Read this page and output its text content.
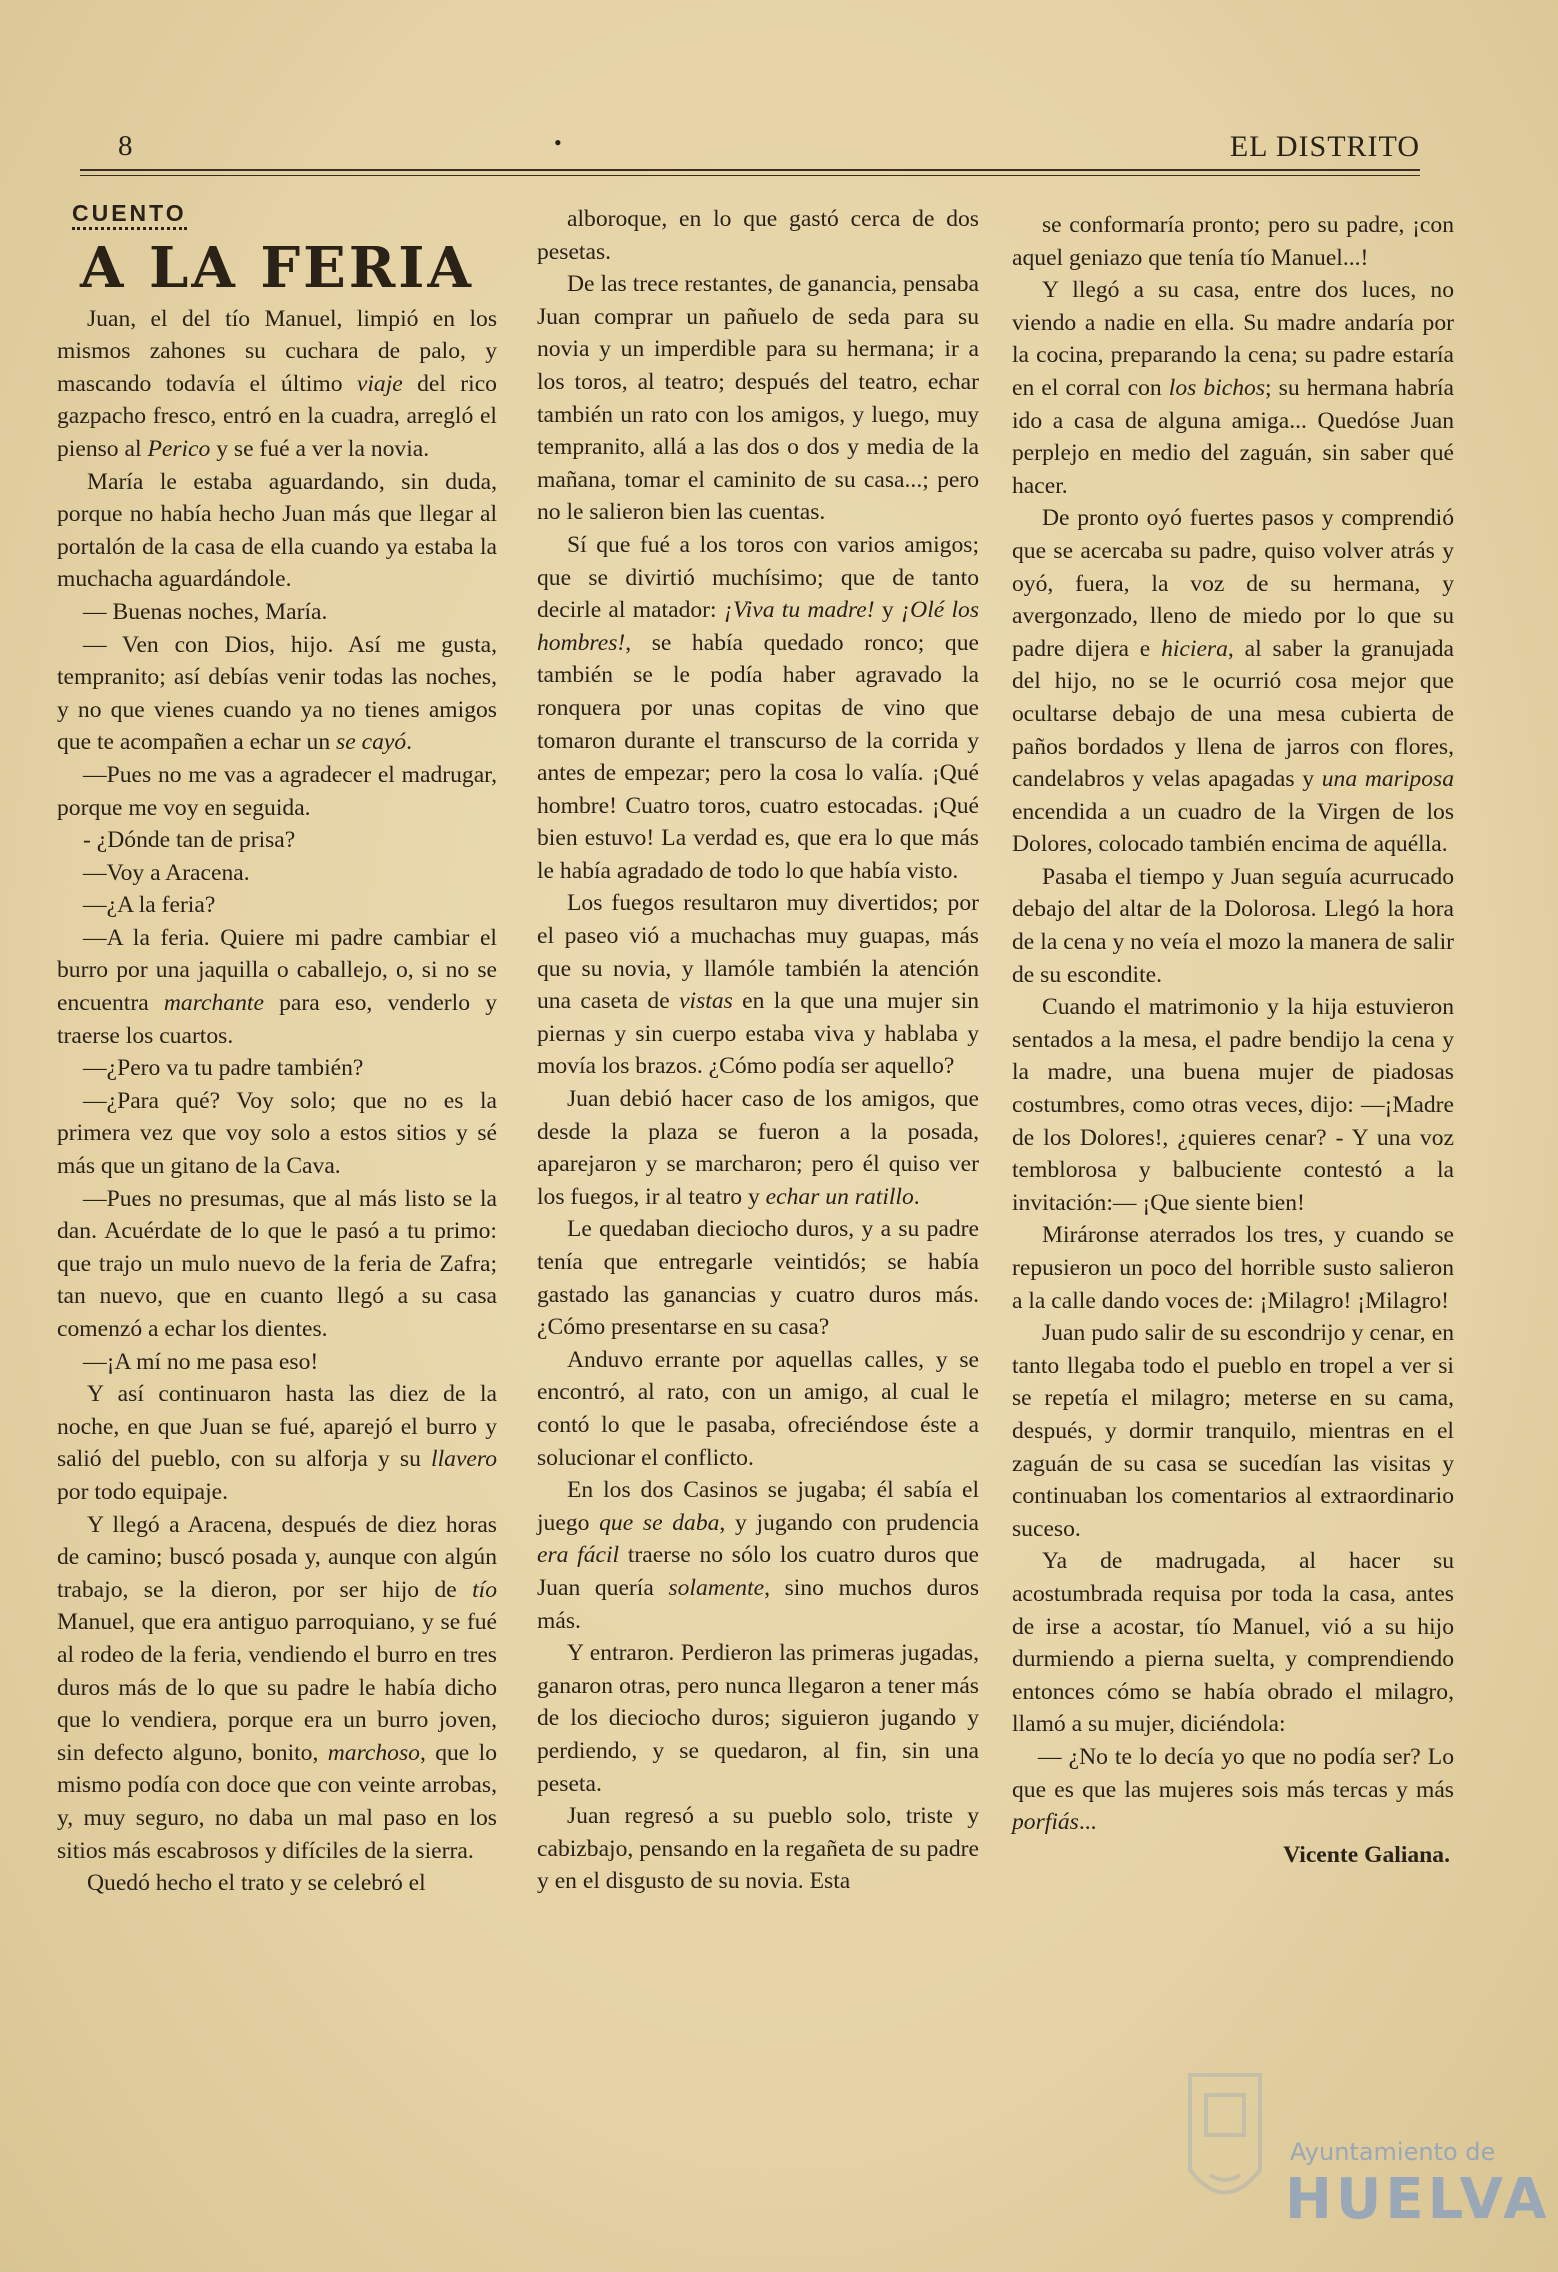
8	•	EL DISTRITO
CUENTO
A LA FERIA

Juan, el del tío Manuel, limpió en los mismos zahones su cuchara de palo, y mascando todavía el último viaje del rico gazpacho fresco, entró en la cuadra, arregló el pienso al Perico y se fué a ver la novia.

María le estaba aguardando, sin duda, porque no había hecho Juan más que llegar al portalón de la casa de ella cuando ya estaba la muchacha aguardándole.

— Buenas noches, María.

— Ven con Dios, hijo. Así me gusta, tempranito; así debías venir todas las noches, y no que vienes cuando ya no tienes amigos que te acompañen a echar un se cayó.

—Pues no me vas a agradecer el madrugar, porque me voy en seguida.

- ¿Dónde tan de prisa?

—Voy a Aracena.

—¿A la feria?

—A la feria. Quiere mi padre cambiar el burro por una jaquilla o caballejo, o, si no se encuentra marchante para eso, venderlo y traerse los cuartos.

—¿Pero va tu padre también?

—¿Para qué? Voy solo; que no es la primera vez que voy solo a estos sitios y sé más que un gitano de la Cava.

—Pues no presumas, que al más listo se la dan. Acuérdate de lo que le pasó a tu primo: que trajo un mulo nuevo de la feria de Zafra; tan nuevo, que en cuanto llegó a su casa comenzó a echar los dientes.

—¡A mí no me pasa eso!

Y así continuaron hasta las diez de la noche, en que Juan se fué, aparejó el burro y salió del pueblo, con su alforja y su llavero por todo equipaje.

Y llegó a Aracena, después de diez horas de camino; buscó posada y, aunque con algún trabajo, se la dieron, por ser hijo de tío Manuel, que era antiguo parroquiano, y se fué al rodeo de la feria, vendiendo el burro en tres duros más de lo que su padre le había dicho que lo vendiera, porque era un burro joven, sin defecto alguno, bonito, marchoso, que lo mismo podía con doce que con veinte arrobas, y, muy seguro, no daba un mal paso en los sitios más escabrosos y difíciles de la sierra.

Quedó hecho el trato y se celebró el

alboroque, en lo que gastó cerca de dos pesetas.

De las trece restantes, de ganancia, pensaba Juan comprar un pañuelo de seda para su novia y un imperdible para su hermana; ir a los toros, al teatro; después del teatro, echar también un rato con los amigos, y luego, muy tempranito, allá a las dos o dos y media de la mañana, tomar el caminito de su casa...; pero no le salieron bien las cuentas.

Sí que fué a los toros con varios amigos; que se divirtió muchísimo; que de tanto decirle al matador: ¡Viva tu madre! y ¡Olé los hombres!, se había quedado ronco; que también se le podía haber agravado la ronquera por unas copitas de vino que tomaron durante el transcurso de la corrida y antes de empezar; pero la cosa lo valía. ¡Qué hombre! Cuatro toros, cuatro estocadas. ¡Qué bien estuvo! La verdad es, que era lo que más le había agradado de todo lo que había visto.

Los fuegos resultaron muy divertidos; por el paseo vió a muchachas muy guapas, más que su novia, y llamóle también la atención una caseta de vistas en la que una mujer sin piernas y sin cuerpo estaba viva y hablaba y movía los brazos. ¿Cómo podía ser aquello?

Juan debió hacer caso de los amigos, que desde la plaza se fueron a la posada, aparejaron y se marcharon; pero él quiso ver los fuegos, ir al teatro y echar un ratillo.

Le quedaban dieciocho duros, y a su padre tenía que entregarle veintidós; se había gastado las ganancias y cuatro duros más. ¿Cómo presentarse en su casa?

Anduvo errante por aquellas calles, y se encontró, al rato, con un amigo, al cual le contó lo que le pasaba, ofreciéndose éste a solucionar el conflicto.

En los dos Casinos se jugaba; él sabía el juego que se daba, y jugando con prudencia era fácil traerse no sólo los cuatro duros que Juan quería solamente, sino muchos duros más.

Y entraron. Perdieron las primeras jugadas, ganaron otras, pero nunca llegaron a tener más de los dieciocho duros; siguieron jugando y perdiendo, y se quedaron, al fin, sin una peseta.

Juan regresó a su pueblo solo, triste y cabizbajo, pensando en la regañeta de su padre y en el disgusto de su novia. Esta

se conformaría pronto; pero su padre, ¡con aquel geniazo que tenía tío Manuel...!

Y llegó a su casa, entre dos luces, no viendo a nadie en ella. Su madre andaría por la cocina, preparando la cena; su padre estaría en el corral con los bichos; su hermana habría ido a casa de alguna amiga... Quedóse Juan perplejo en medio del zaguán, sin saber qué hacer.

De pronto oyó fuertes pasos y comprendió que se acercaba su padre, quiso volver atrás y oyó, fuera, la voz de su hermana, y avergonzado, lleno de miedo por lo que su padre dijera e hiciera, al saber la granujada del hijo, no se le ocurrió cosa mejor que ocultarse debajo de una mesa cubierta de paños bordados y llena de jarros con flores, candelabros y velas apagadas y una mariposa encendida a un cuadro de la Virgen de los Dolores, colocado también encima de aquélla.

Pasaba el tiempo y Juan seguía acurrucado debajo del altar de la Dolorosa. Llegó la hora de la cena y no veía el mozo la manera de salir de su escondite.

Cuando el matrimonio y la hija estuvieron sentados a la mesa, el padre bendijo la cena y la madre, una buena mujer de piadosas costumbres, como otras veces, dijo: —¡Madre de los Dolores!, ¿quieres cenar? - Y una voz temblorosa y balbuciente contestó a la invitación:— ¡Que siente bien!

Miráronse aterrados los tres, y cuando se repusieron un poco del horrible susto salieron a la calle dando voces de: ¡Milagro! ¡Milagro!

Juan pudo salir de su escondrijo y cenar, en tanto llegaba todo el pueblo en tropel a ver si se repetía el milagro; meterse en su cama, después, y dormir tranquilo, mientras en el zaguán de su casa se sucedían las visitas y continuaban los comentarios al extraordinario suceso.

Ya de madrugada, al hacer su acostumbrada requisa por toda la casa, antes de irse a acostar, tío Manuel, vió a su hijo durmiendo a pierna suelta, y comprendiendo entonces cómo se había obrado el milagro, llamó a su mujer, diciéndola:

— ¿No te lo decía yo que no podía ser? Lo que es que las mujeres sois más tercas y más porfiás...

Vicente Galiana.

Ayuntamiento de
HUELVA
